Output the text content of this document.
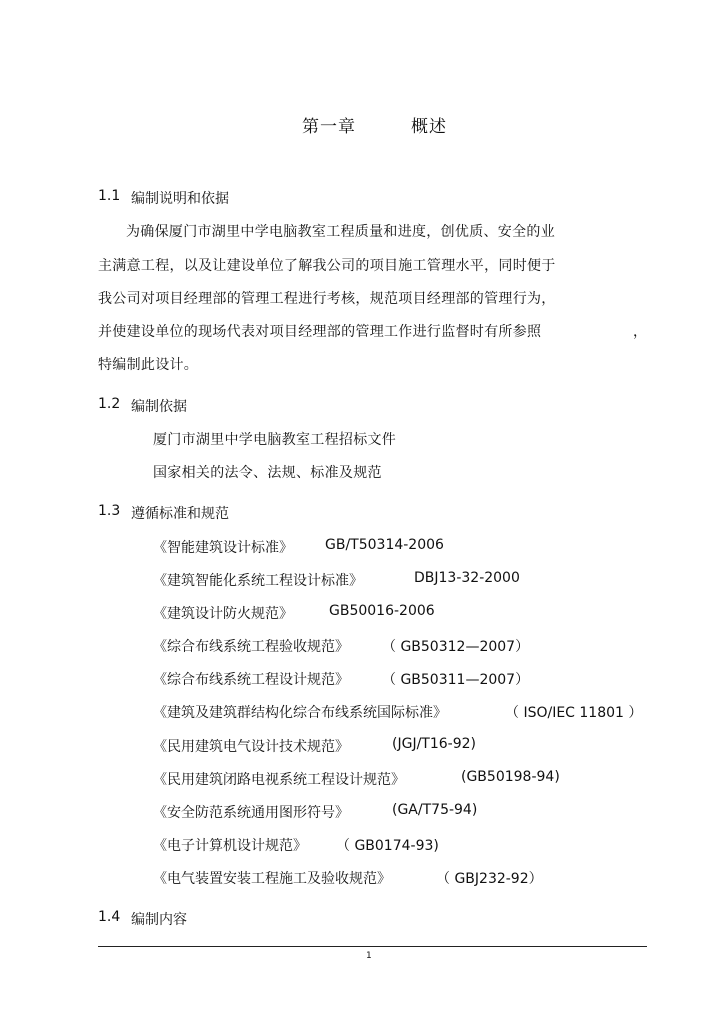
第一章	概述
1.1 编制说明和依据
为确保厦门市湖里中学电脑教室工程质量和进度，创优质、安全的业
主满意工程，以及让建设单位了解我公司的项目施工管理水平，同时便于
我公司对项目经理部的管理工程进行考核，规范项目经理部的管理行为，
并使建设单位的现场代表对项目经理部的管理工作进行监督时有所参照	，
特编制此设计。
1.2 编制依据
厦门市湖里中学电脑教室工程招标文件
国家相关的法令、法规、标准及规范
1.3 遵循标准和规范
《智能建筑设计标准》 GB/T50314-2006
《建筑智能化系统工程设计标准》	DBJ13-32-2000
《建筑设计防火规范》	GB50016-2006
《综合布线系统工程验收规范》 （ GB50312—2007）
《综合布线系统工程设计规范》 （ GB50311—2007）
《建筑及建筑群结构化综合布线系统国际标准》	（ ISO/IEC 11801 ）
《民用建筑电气设计技术规范》	(JGJ/T16-92)
《民用建筑闭路电视系统工程设计规范》	(GB50198-94)
《安全防范系统通用图形符号》	(GA/T75-94)
《电子计算机设计规范》 （ GB0174-93)
《电气装置安装工程施工及验收规范》	（ GBJ232-92）
1.4 编制内容
1
